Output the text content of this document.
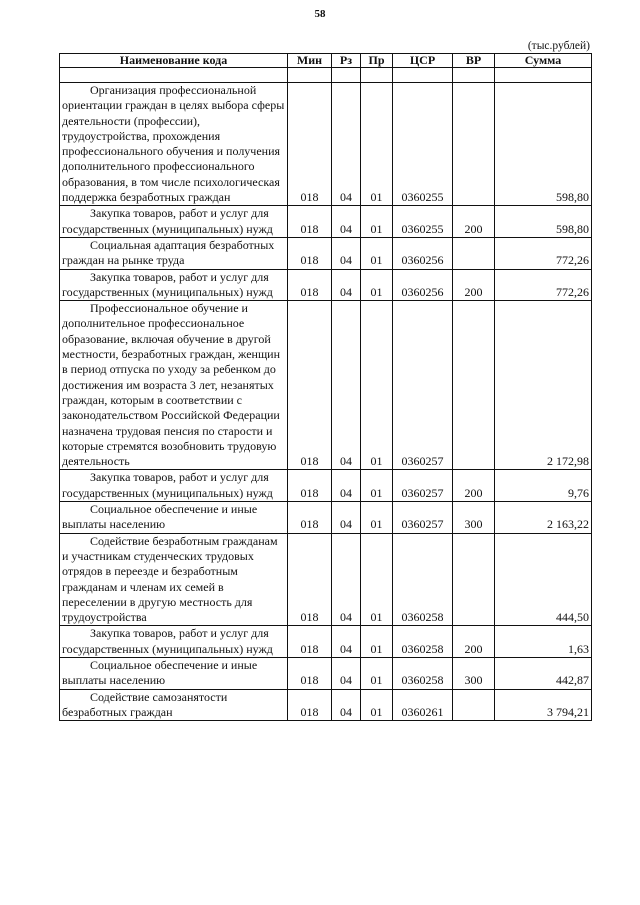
58
(тыс.рублей)
Наименование кода	Мин	Рз	Пр	ЦСР	ВР	Сумма

Организация профессиональной ориентации граждан в целях выбора сферы деятельности (профессии), трудоустройства, прохождения профессионального обучения и получения дополнительного профессионального образования, в том числе психологическая поддержка безработных граждан	018	04	01	0360255		598,80
Закупка товаров, работ и услуг для государственных (муниципальных) нужд	018	04	01	0360255	200	598,80
Социальная адаптация безработных граждан на рынке труда	018	04	01	0360256		772,26
Закупка товаров, работ и услуг для государственных (муниципальных) нужд	018	04	01	0360256	200	772,26
Профессиональное обучение и дополнительное профессиональное образование, включая обучение в другой местности, безработных граждан, женщин в период отпуска по уходу за ребенком до достижения им возраста 3 лет, незанятых граждан, которым в соответствии с законодательством Российской Федерации назначена трудовая пенсия по старости и которые стремятся возобновить трудовую деятельность	018	04	01	0360257		2 172,98
Закупка товаров, работ и услуг для государственных (муниципальных) нужд	018	04	01	0360257	200	9,76
Социальное обеспечение и иные выплаты населению	018	04	01	0360257	300	2 163,22
Содействие безработным гражданам и участникам студенческих трудовых отрядов в переезде и безработным гражданам и членам их семей в переселении в другую местность для трудоустройства	018	04	01	0360258		444,50
Закупка товаров, работ и услуг для государственных (муниципальных) нужд	018	04	01	0360258	200	1,63
Социальное обеспечение и иные выплаты населению	018	04	01	0360258	300	442,87
Содействие самозанятости безработных граждан	018	04	01	0360261		3 794,21
